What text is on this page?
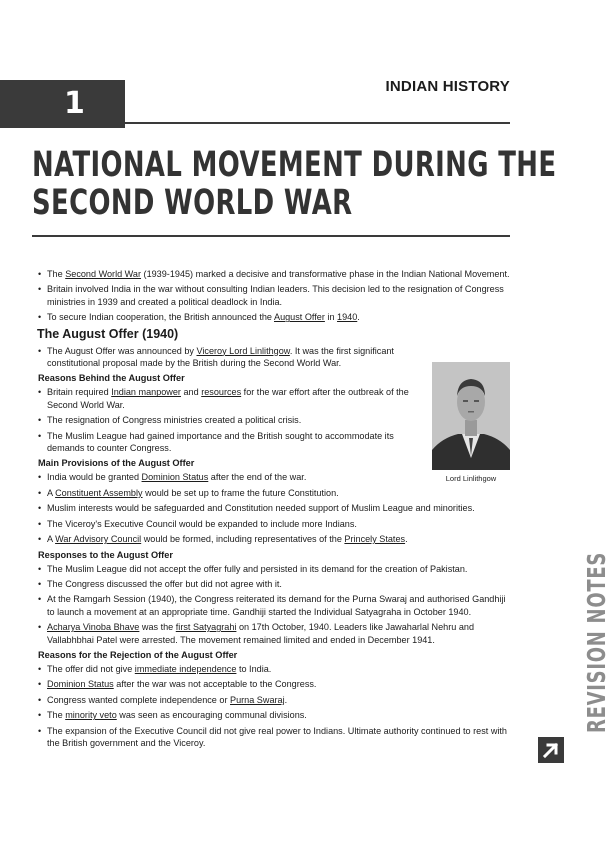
1	INDIAN HISTORY
NATIONAL MOVEMENT DURING THE
SECOND WORLD WAR
• The Second World War (1939-1945) marked a decisive and transformative phase in the Indian National Movement.
• Britain involved India in the war without consulting Indian leaders. This decision led to the resignation of Congress ministries in 1939 and created a political deadlock in India.
• To secure Indian cooperation, the British announced the August Offer in 1940.
The August Offer (1940)
• The August Offer was announced by Viceroy Lord Linlithgow. It was the first significant constitutional proposal made by the British during the Second World War.
Reasons Behind the August Offer
• Britain required Indian manpower and resources for the war effort after the outbreak of the Second World War.
• The resignation of Congress ministries created a political crisis.
• The Muslim League had gained importance and the British sought to accommodate its demands to counter Congress.
Main Provisions of the August Offer
• India would be granted Dominion Status after the end of the war.
• A Constituent Assembly would be set up to frame the future Constitution.
• Muslim interests would be safeguarded and Constitution needed support of Muslim League and minorities.
• The Viceroy's Executive Council would be expanded to include more Indians.
• A War Advisory Council would be formed, including representatives of the Princely States.
Responses to the August Offer
• The Muslim League did not accept the offer fully and persisted in its demand for the creation of Pakistan.
• The Congress discussed the offer but did not agree with it.
• At the Ramgarh Session (1940), the Congress reiterated its demand for the Purna Swaraj and authorised Gandhiji to launch a movement at an appropriate time. Gandhiji started the Individual Satyagraha in October 1940.
• Acharya Vinoba Bhave was the first Satyagrahi on 17th October, 1940. Leaders like Jawaharlal Nehru and Vallabhbhai Patel were arrested. The movement remained limited and ended in December 1941.
Reasons for the Rejection of the August Offer
• The offer did not give immediate independence to India.
• Dominion Status after the war was not acceptable to the Congress.
• Congress wanted complete independence or Purna Swaraj.
• The minority veto was seen as encouraging communal divisions.
• The expansion of the Executive Council did not give real power to Indians. Ultimate authority continued to rest with the British government and the Viceroy.
Lord Linlithgow
REVISION NOTES
